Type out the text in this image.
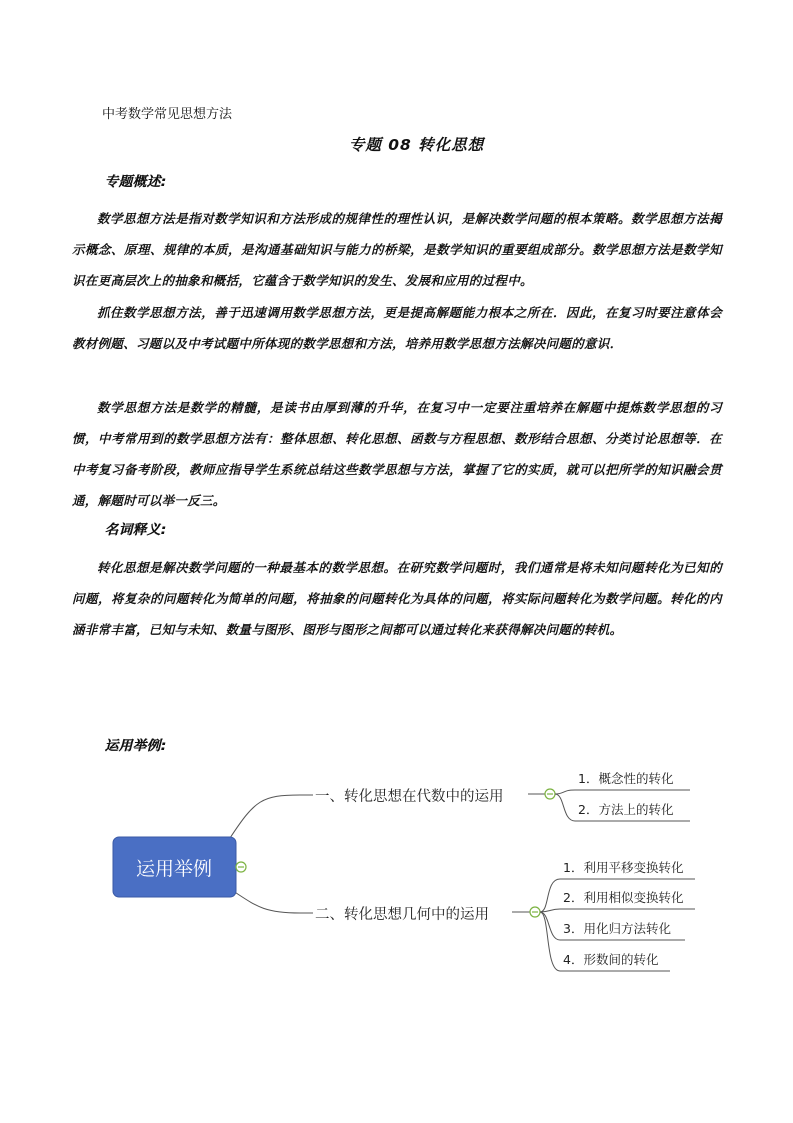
中考数学常见思想方法
专题 08 转化思想
专题概述:
数学思想方法是指对数学知识和方法形成的规律性的理性认识，是解决数学问题的根本策略。数学思想方法揭示概念、原理、规律的本质，是沟通基础知识与能力的桥梁，是数学知识的重要组成部分。数学思想方法是数学知识在更高层次上的抽象和概括，它蕴含于数学知识的发生、发展和应用的过程中。
抓住数学思想方法，善于迅速调用数学思想方法，更是提高解题能力根本之所在．因此，在复习时要注意体会教材例题、习题以及中考试题中所体现的数学思想和方法，培养用数学思想方法解决问题的意识．
数学思想方法是数学的精髓，是读书由厚到薄的升华，在复习中一定要注重培养在解题中提炼数学思想的习惯，中考常用到的数学思想方法有：整体思想、转化思想、函数与方程思想、数形结合思想、分类讨论思想等．在中考复习备考阶段，教师应指导学生系统总结这些数学思想与方法，掌握了它的实质，就可以把所学的知识融会贯通，解题时可以举一反三。
名词释义:
转化思想是解决数学问题的一种最基本的数学思想。在研究数学问题时，我们通常是将未知问题转化为已知的问题，将复杂的问题转化为简单的问题，将抽象的问题转化为具体的问题，将实际问题转化为数学问题。转化的内涵非常丰富，已知与未知、数量与图形、图形与图形之间都可以通过转化来获得解决问题的转机。
运用举例:
运用举例
一、转化思想在代数中的运用
1．概念性的转化
2．方法上的转化
二、转化思想几何中的运用
1．利用平移变换转化
2．利用相似变换转化
3．用化归方法转化
4．形数间的转化
